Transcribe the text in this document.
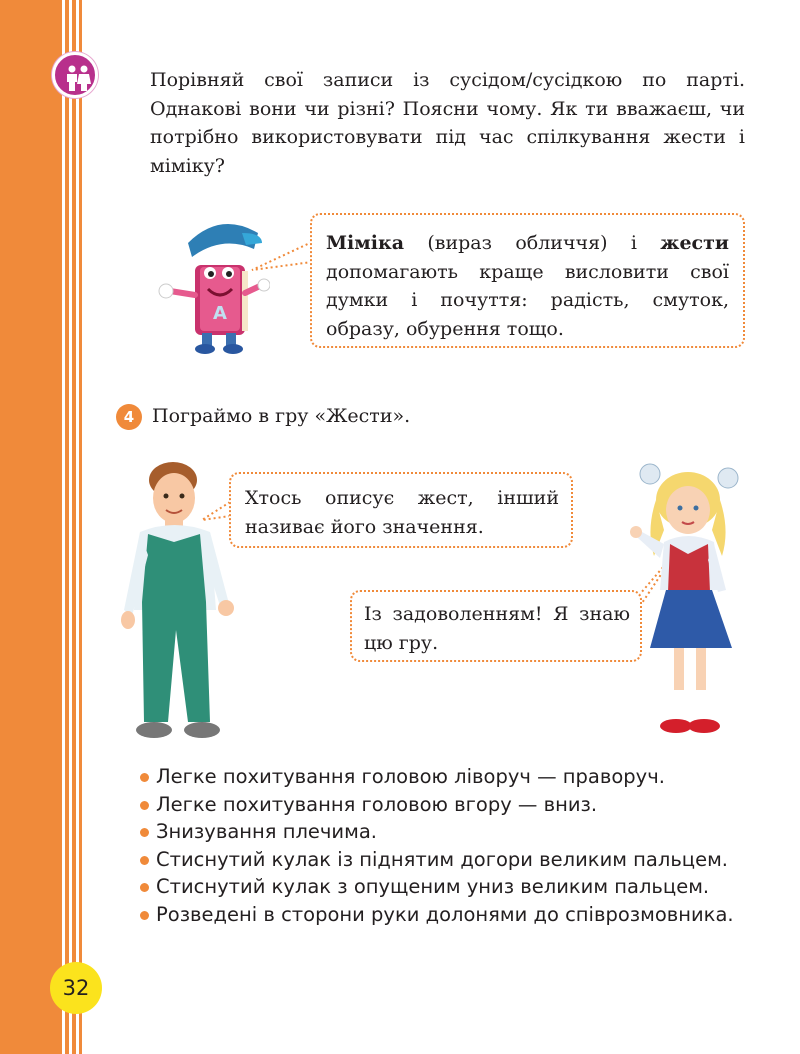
Порівняй свої записи із сусідом/сусідкою по парті. Однакові вони чи різні? Поясни чому. Як ти вважаєш, чи потрібно використовувати під час спілкування жести і міміку?

А

Міміка (вираз обличчя) і жести допомагають краще висловити свої думки і почуття: радість, смуток, образу, обурення тощо.

4 Пограймо в гру «Жести».

Хтось описує жест, інший називає його значення.

Із задоволенням! Я знаю цю гру.

Легке похитування головою ліворуч — праворуч.
Легке похитування головою вгору — вниз.
Знизування плечима.
Стиснутий кулак із піднятим догори великим пальцем.
Стиснутий кулак з опущеним униз великим пальцем.
Розведені в сторони руки долонями до співрозмовника.
32
